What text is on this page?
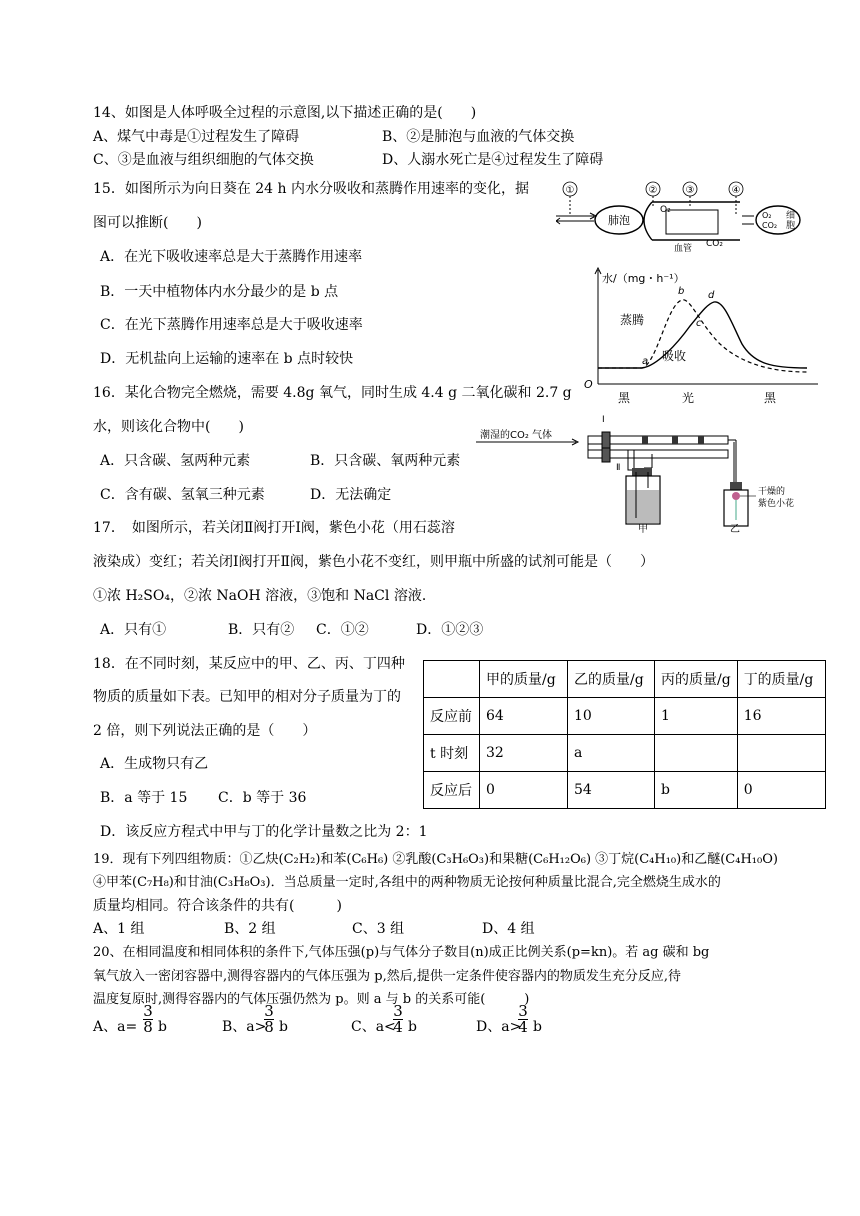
14、如图是人体呼吸全过程的示意图,以下描述正确的是(　　)
A、煤气中毒是①过程发生了障碍	B、②是肺泡与血液的气体交换
C、③是血液与组织细胞的气体交换	D、人溺水死亡是④过程发生了障碍
15．如图所示为向日葵在 24 h 内水分吸收和蒸腾作用速率的变化，据
图可以推断(　　)
A．在光下吸收速率总是大于蒸腾作用速率
B．一天中植物体内水分最少的是 b 点
C．在光下蒸腾作用速率总是大于吸收速率
D．无机盐向上运输的速率在 b 点时较快
16．某化合物完全燃烧，需要 4.8g 氧气，同时生成 4.4 g 二氧化碳和 2.7 g
水，则该化合物中(　　)
A．只含碳、氢两种元素	B．只含碳、氧两种元素
C．含有碳、氢氧三种元素	D．无法确定
17．　如图所示，若关闭Ⅱ阀打开Ⅰ阀，紫色小花（用石蕊溶
液染成）变红；若关闭Ⅰ阀打开Ⅱ阀，紫色小花不变红，则甲瓶中所盛的试剂可能是（　　）
①浓 H₂SO₄，②浓 NaOH 溶液，③饱和 NaCl 溶液．
A．只有①	B．只有② C．①②	D．①②③
18．在不同时刻，某反应中的甲、乙、丙、丁四种
物质的质量如下表。已知甲的相对分子质量为丁的
2 倍，则下列说法正确的是（　　）
A．生成物只有乙
B．a 等于 15 C．b 等于 36
D．该反应方程式中甲与丁的化学计量数之比为 2：1
	甲的质量/g	乙的质量/g	丙的质量/g	丁的质量/g
反应前	64	10	1	16
t 时刻	32	a		
反应后	0	54	b	0
19．现有下列四组物质：①乙炔(C₂H₂)和苯(C₆H₆) ②乳酸(C₃H₆O₃)和果糖(C₆H₁₂O₆) ③丁烷(C₄H₁₀)和乙醚(C₄H₁₀O)
④甲苯(C₇H₈)和甘油(C₃H₈O₃)．当总质量一定时,各组中的两种物质无论按何种质量比混合,完全燃烧生成水的
质量均相同。符合该条件的共有(　　　)
A、1 组	B、2 组	C、3 组	D、4 组
20、在相同温度和相同体积的条件下,气体压强(p)与气体分子数目(n)成正比例关系(p=kn)。若 ag 碳和 bg
氧气放入一密闭容器中,测得容器内的气体压强为 p,然后,提供一定条件使容器内的物质发生充分反应,待
温度复原时,测得容器内的气体压强仍然为 p。则 a 与 b 的关系可能(　　　)
A、a=
3
8 b	B、a>
3
8 b	C、a<
3
4 b	D、a>
3
4 b
①	②	③	④
肺泡
O₂
CO₂
血管
O₂
CO₂
细
胞
水/（mg・h⁻¹）
O
a
b
c
d
蒸腾
吸收
黑	光	黑
潮湿的CO₂ 气体
Ⅰ
Ⅱ
甲	乙
干燥的
紫色小花
